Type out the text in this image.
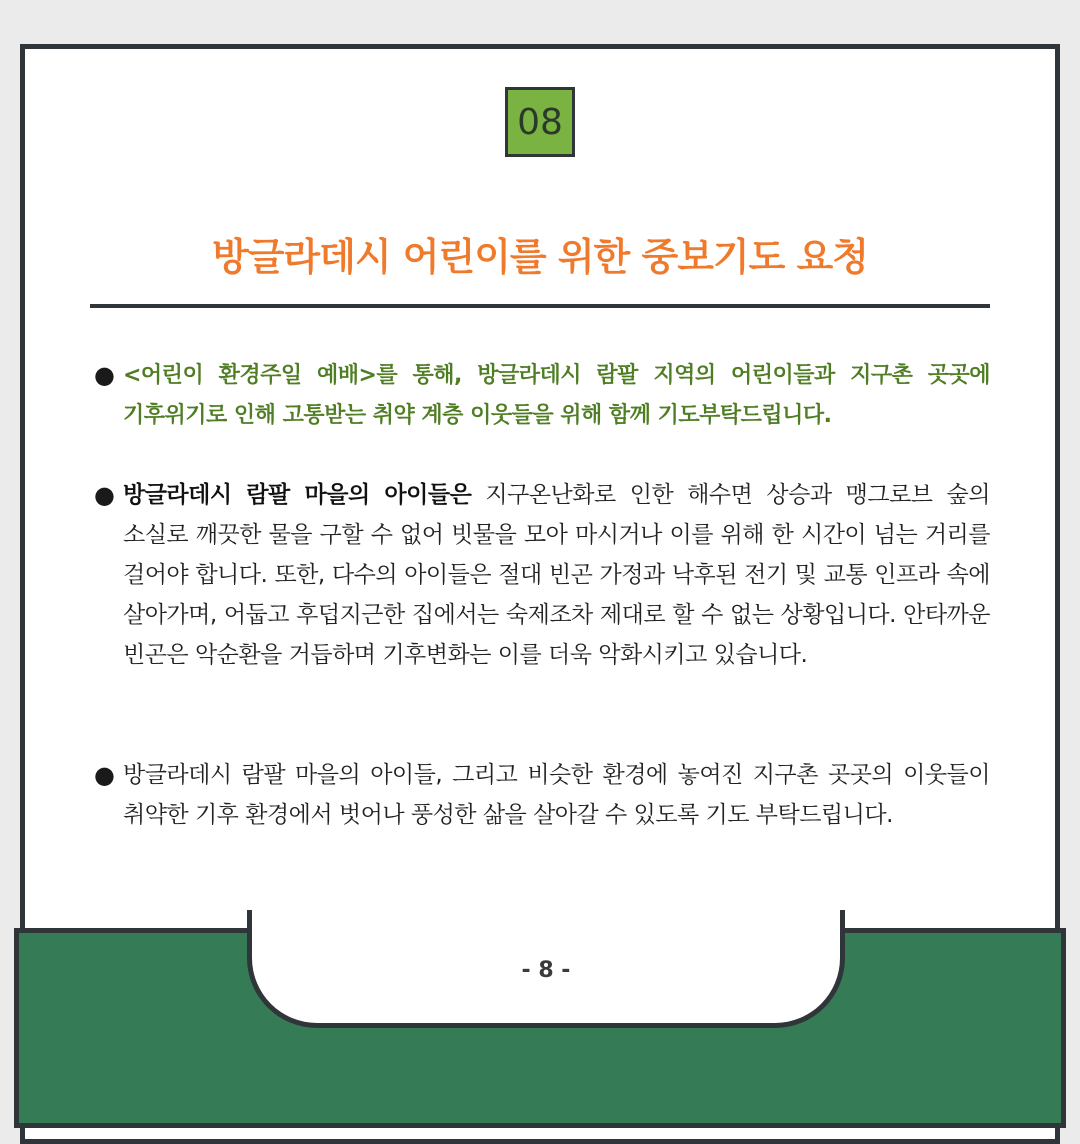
08
방글라데시 어린이를 위한 중보기도 요청
● <어린이 환경주일 예배>를 통해, 방글라데시 람팔 지역의 어린이들과 지구촌 곳곳에 기후위기로 인해 고통받는 취약 계층 이웃들을 위해 함께 기도부탁드립니다.
● 방글라데시 람팔 마을의 아이들은 지구온난화로 인한 해수면 상승과 맹그로브 숲의 소실로 깨끗한 물을 구할 수 없어 빗물을 모아 마시거나 이를 위해 한 시간이 넘는 거리를 걸어야 합니다. 또한, 다수의 아이들은 절대 빈곤 가정과 낙후된 전기 및 교통 인프라 속에 살아가며, 어둡고 후덥지근한 집에서는 숙제조차 제대로 할 수 없는 상황입니다. 안타까운 빈곤은 악순환을 거듭하며 기후변화는 이를 더욱 악화시키고 있습니다.
● 방글라데시 람팔 마을의 아이들, 그리고 비슷한 환경에 놓여진 지구촌 곳곳의 이웃들이 취약한 기후 환경에서 벗어나 풍성한 삶을 살아갈 수 있도록 기도 부탁드립니다.
- 8 -
